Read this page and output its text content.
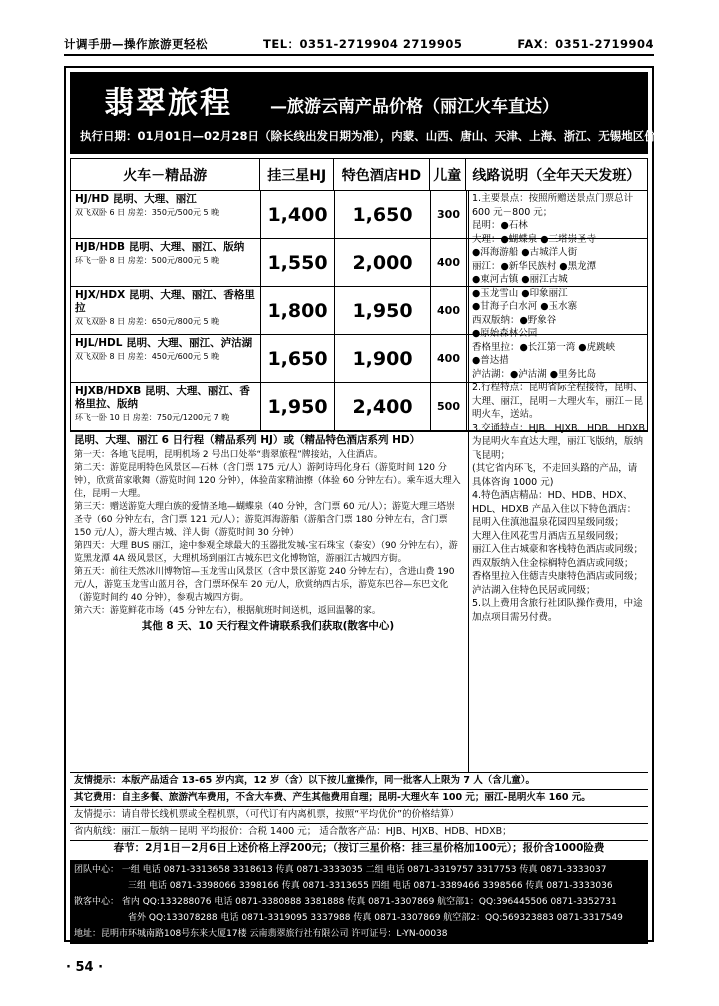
计调手册—操作旅游更轻松	TEL：0351-2719904 2719905	FAX：0351-2719904
翡翠旅程 —旅游云南产品价格（丽江火车直达）
执行日期：01月01日—02月28日（除长线出发日期为准），内蒙、山西、唐山、天津、上海、浙江、无锡地区价格
火车－精品游	挂三星HJ	特色酒店HD 儿童 线路说明（全年天天发班）
HJ/HD 昆明、大理、丽江
双飞双卧 6 日 房差：350元/500元 5 晚	1,400	1,650	300
HJB/HDB 昆明、大理、丽江、版纳
环飞一卧 8 日 房差：500元/800元 5 晚	1,550	2,000	400
HJX/HDX 昆明、大理、丽江、香格里拉
双飞双卧 8 日 房差：650元/800元 5 晚	1,800	1,950	400
HJL/HDL 昆明、大理、丽江、泸沽湖
双飞双卧 8 日 房差：450元/600元 5 晚	1,650	1,900	400
HJXB/HDXB 昆明、大理、丽江、香格里拉、版纳
环飞一卧 10 日 房差：750元/1200元 7 晚	1,950	2,400	500
1.主要景点：按照所赠送景点门票总计 600 元－800 元；
昆明：●石林
大理：●蝴蝶泉 ●三塔崇圣寺
●洱海游船 ●古城洋人街
丽江：●新华民族村 ●黑龙潭
●東河古镇 ●丽江古城
●玉龙雪山 ●印象丽江
●甘海子白水河 ●玉水寨
西双版纳：●野象谷
●原始森林公园
香格里拉：●长江第一湾 ●虎跳峡
●普达措
泸沽湖：●泸沽湖 ●里务比岛
2.行程特点：昆明省际全程接待，昆明、大理、丽江，昆明－大理火车，丽江－昆明火车，送站。
3.交通特点：HJB、HJXB、HDB、HDXB 为昆明火车直达大理，丽江飞版纳，版纳飞昆明；
(其它省内环飞，不走回头路的产品，请具体咨询 1000 元)
4.特色酒店精品：HD、HDB、HDX、HDL、HDXB 产品入住以下特色酒店：
昆明入住滇池温泉花园四星级同级；
大理入住风花雪月酒店五星级同级；
丽江入住古城豪和客栈特色酒店或同级；
西双版纳入住金棕榈特色酒店或同级；
香格里拉入住德吉央康特色酒店或同级；
泸沽湖入住特色民居或同级；
5.以上费用含旅行社团队操作费用，中途加点项目需另付费。
昆明、大理、丽江 6 日行程（精品系列 HJ）或（精品特色酒店系列 HD）
第一天：各地飞昆明，昆明机场 2 号出口处举“翡翠旅程”牌接站，入住酒店。
第二天：游览昆明特色风景区—石林（含门票 175 元/人）游阿诗玛化身石（游览时间 120 分钟），欣赏苗家歌舞（游览时间 120 分钟），体验苗家精油擦（体验 60 分钟左右）。乘车返大理入住，昆明－大理。
第三天：赠送游览大理白族的爱情圣地—蝴蝶泉（40 分钟，含门票 60 元/人）；游览大理三塔崇圣寺（60 分钟左右，含门票 121 元/人）；游览洱海游船（游船含门票 180 分钟左右，含门票 150 元/人），游大理古城、洋人街（游览时间 30 分钟）
第四天：大理 BUS 丽江，途中参观全球最大的玉器批发城-宝石珠宝（泰安）（90 分钟左右），游览黑龙潭 4A 级风景区，大理机场到丽江古城东巴文化博物馆，游丽江古城四方街。
第五天：前往天然冰川博物馆—玉龙雪山风景区（含中景区游览 240 分钟左右），含进山费 190 元/人，游览玉龙雪山蓝月谷，含门票环保车 20 元/人，欣赏纳西古乐，游览东巴谷—东巴文化（游览时间约 40 分钟），参观古城四方街。
第六天：游览鲜花市场（45 分钟左右），根据航班时间送机，返回温馨的家。
其他 8 天、10 天行程文件请联系我们获取(散客中心)
友情提示：本版产品适合 13-65 岁内宾，12 岁（含）以下按儿童操作，同一批客人上限为 7 人（含儿童）。
其它费用：自主多餐、旅游汽车费用，不含大车费、产生其他费用自理；昆明-大理火车 100 元；丽江-昆明火车 160 元。
友情提示：请自带长线机票或全程机票，（可代订有内离机票，按照“平均优价”的价格结算）
省内航线：丽江－版纳－昆明 平均报价：合税 1400 元； 适合散客产品：HJB、HJXB、HDB、HDXB；
春节：2月1日－2月6日上述价格上浮200元；（按订三星价格：挂三星价格加100元）；报价含1000险费
团队中心： 一组 电话 0871-3313658 3318613 传真 0871-3333035 二组 电话 0871-3319757 3317753 传真 0871-3333037
三组 电话 0871-3398066 3398166 传真 0871-3313655 四组 电话 0871-3389466 3398566 传真 0871-3333036
散客中心： 省内 QQ:133288076 电话 0871-3380888 3381888 传真 0871-3307869 航空部1：QQ:396445506 0871-3352731
省外 QQ:133078288 电话 0871-3319095 3337988 传真 0871-3307869 航空部2：QQ:569323883 0871-3317549
地址：昆明市环城南路108号东来大厦17楼 云南翡翠旅行社有限公司 许可证号：L-YN-00038
· 54 ·
